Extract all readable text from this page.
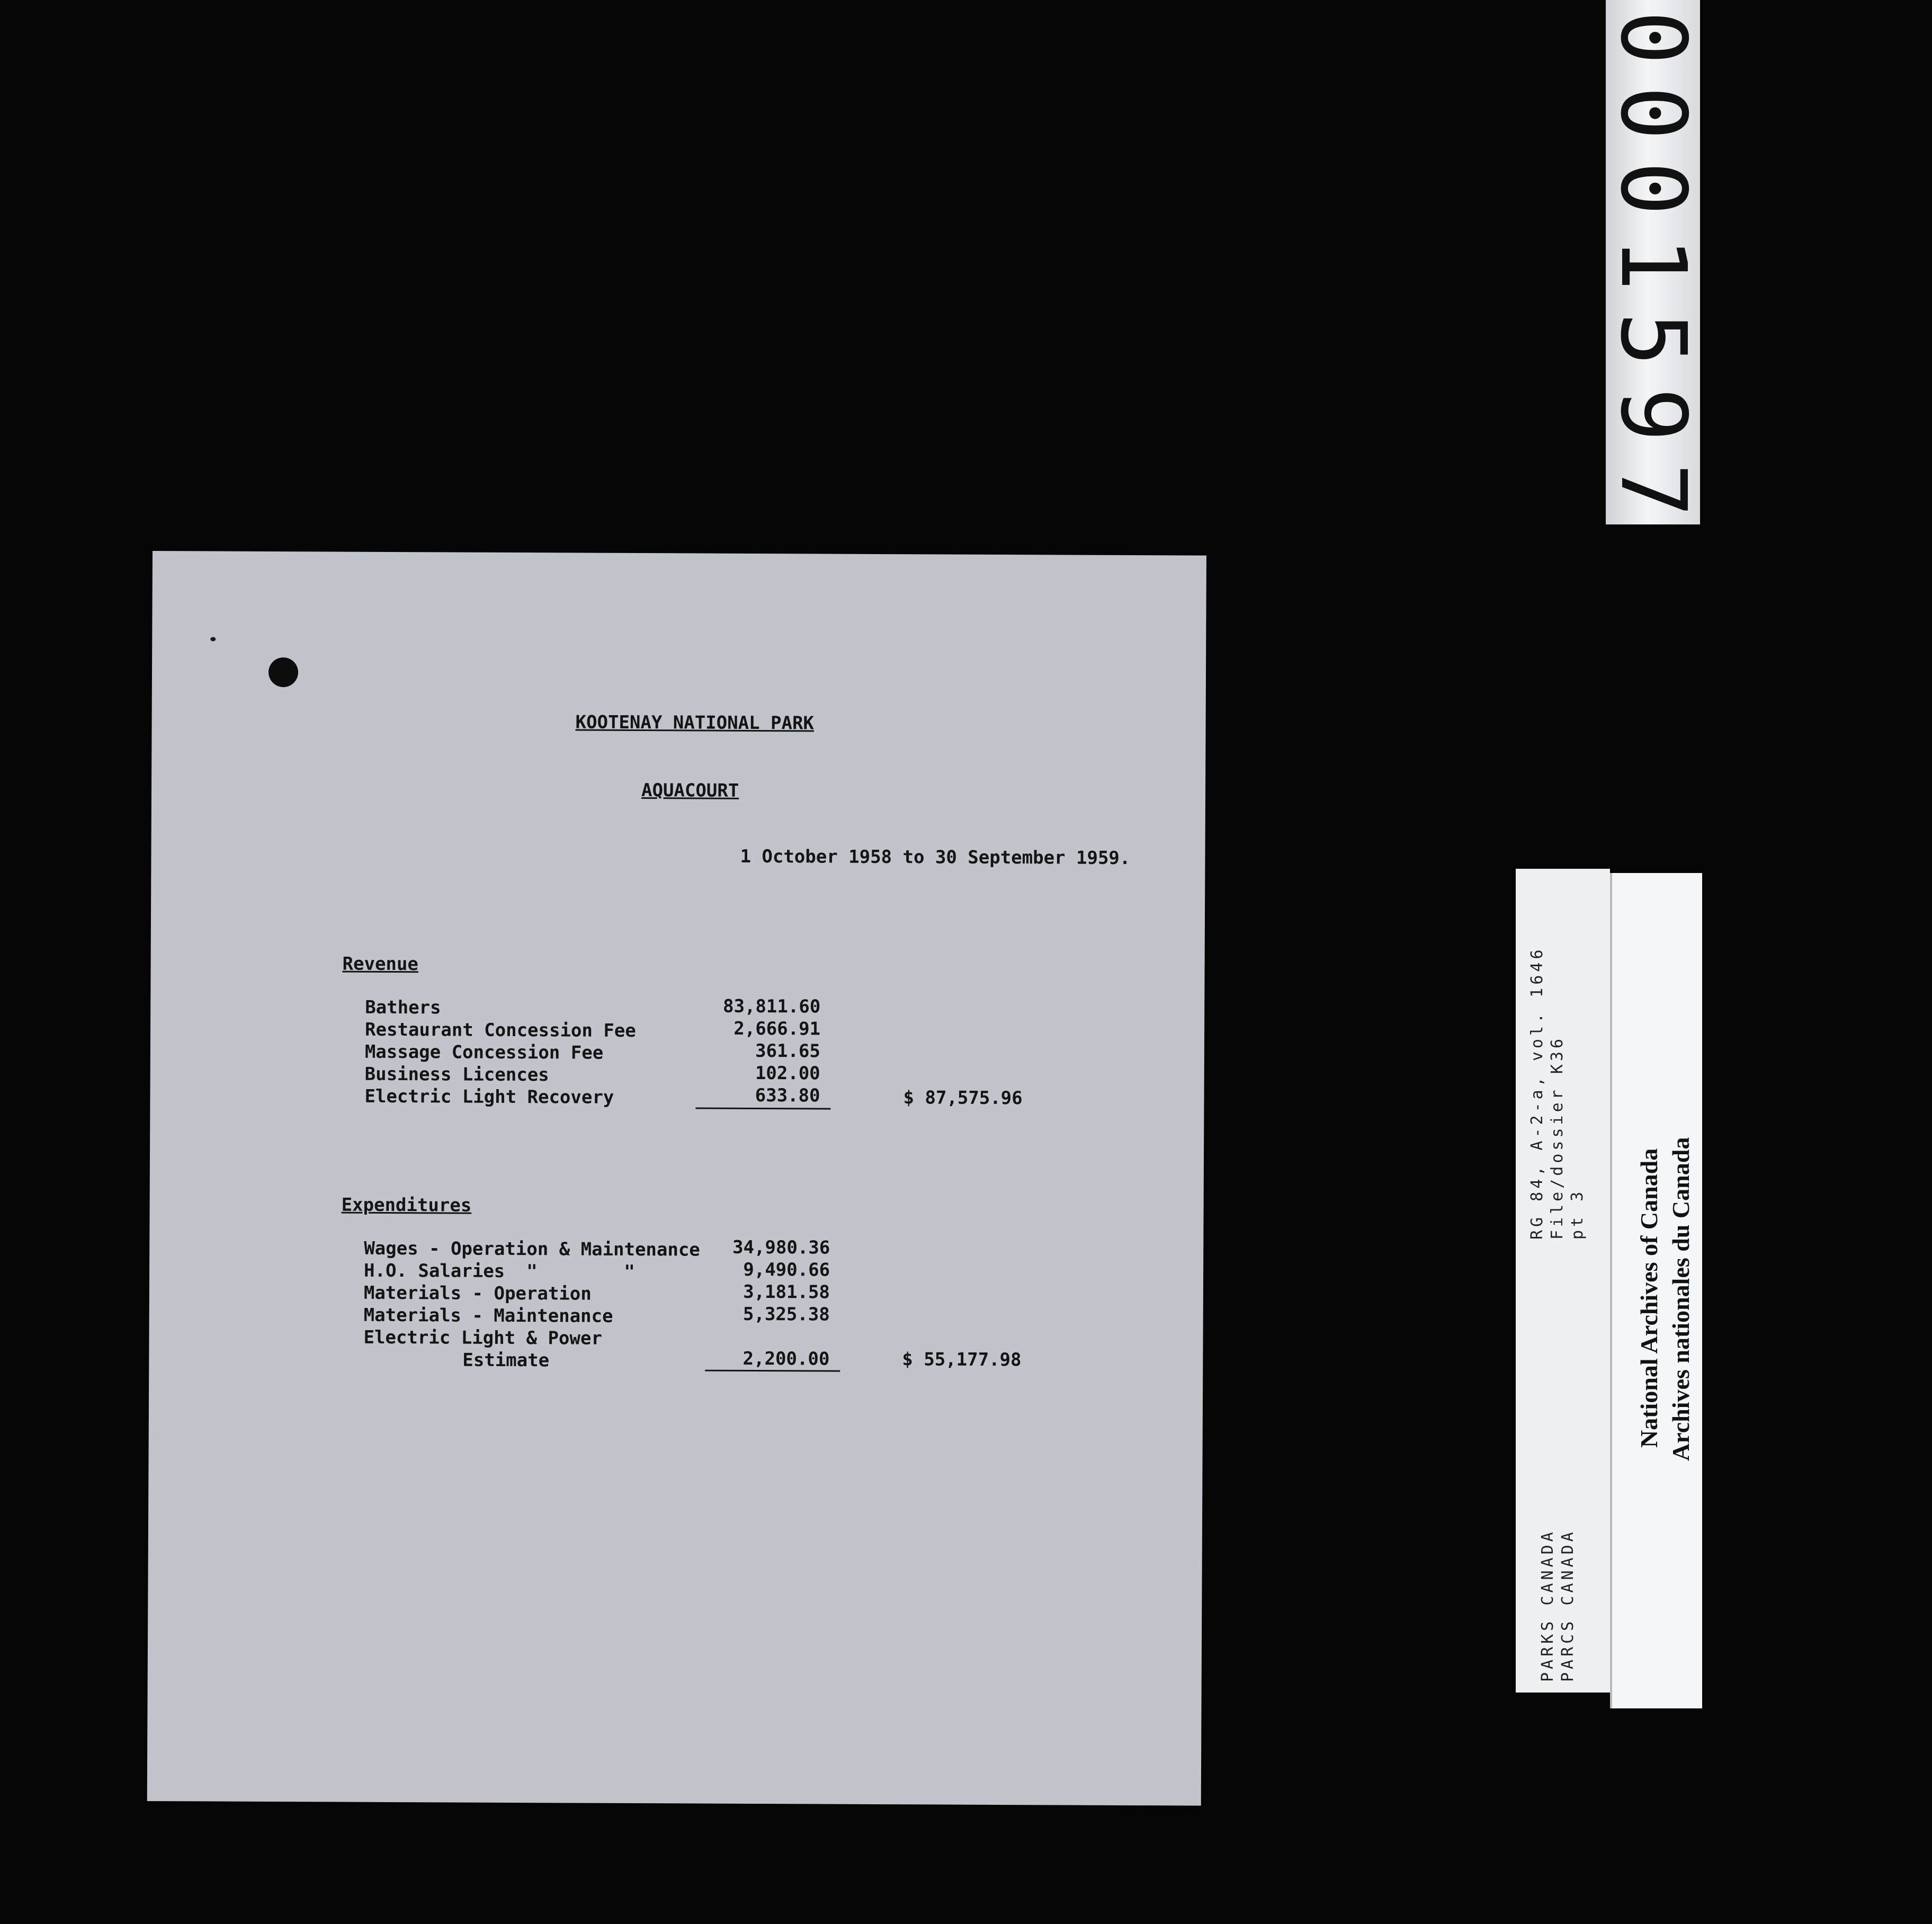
KOOTENAY NATIONAL PARK
AQUACOURT
1 October 1958 to 30 September 1959.
Revenue
Bathers	83,811.60
Restaurant Concession Fee	2,666.91
Massage Concession Fee	361.65
Business Licences	102.00
Electric Light Recovery	633.80	$ 87,575.96
Expenditures
Wages - Operation & Maintenance	34,980.36
H.O. Salaries  "        "	9,490.66
Materials - Operation	3,181.58
Materials - Maintenance	5,325.38
Electric Light & Power
Estimate	2,200.00	$ 55,177.98
0001597
RG 84, A-2-a, vol. 1646 File/dossier K36 pt 3
PARKS CANADA PARCS CANADA
National Archives of Canada Archives nationales du Canada
